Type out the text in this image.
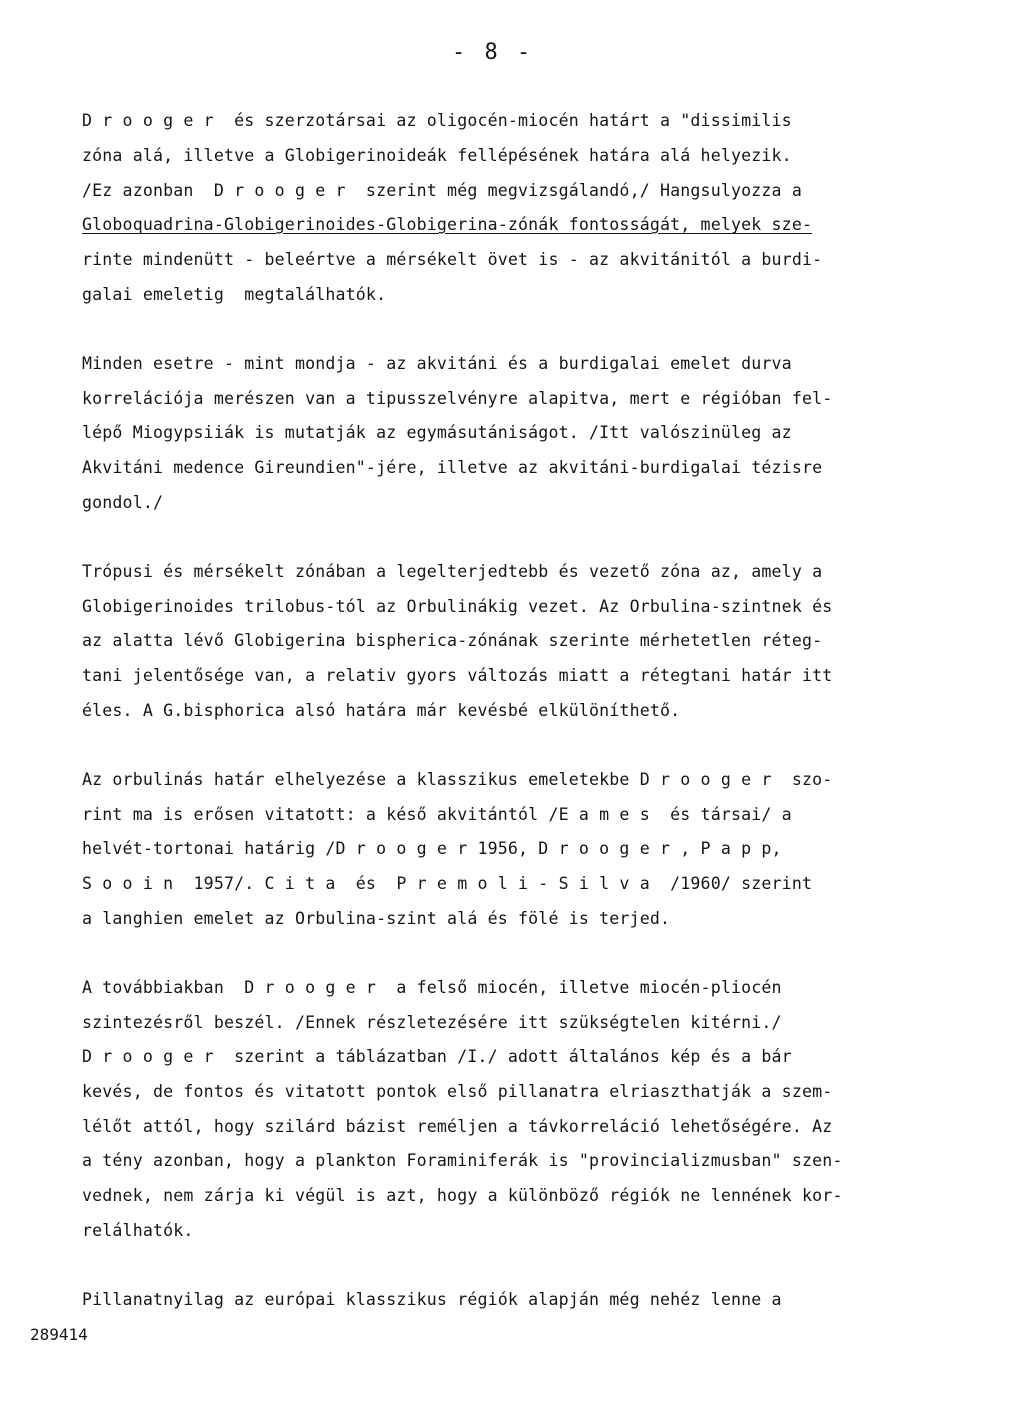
- 8 -
D r o o g e r  és szerzotársai az oligocén-miocén határt a "dissimilis
zóna alá, illetve a Globigerinoideák fellépésének határa alá helyezik.
/Ez azonban  D r o o g e r  szerint még megvizsgálandó,/ Hangsulyozza a
Globoquadrina-Globigerinoides-Globigerina-zónák fontosságát, melyek sze-
rinte mindenütt - beleértve a mérsékelt övet is - az akvitánitól a burdi-
galai emeletig  megtalálhatók.
Minden esetre - mint mondja - az akvitáni és a burdigalai emelet durva
korrelációja merészen van a tipusszelvényre alapitva, mert e régióban fel-
lépő Miogypsiiák is mutatják az egymásutániságot. /Itt valószinüleg az
Akvitáni medence Gireundien"-jére, illetve az akvitáni-burdigalai tézisre
gondol./
Trópusi és mérsékelt zónában a legelterjedtebb és vezető zóna az, amely a
Globigerinoides trilobus-tól az Orbulinákig vezet. Az Orbulina-szintnek és
az alatta lévő Globigerina bisphericа-zónának szerinte mérhetetlen réteg-
tani jelentősége van, a relativ gyors változás miatt a rétegtani határ itt
éles. A G.bisphorica alsó határa már kevésbé elkülöníthető.
Az orbulinás határ elhelyezése a klasszikus emeletekbe D r o o g e r  szo-
rint ma is erősen vitatott: a késő akvitántól /E a m e s  és társai/ a
helvét-tortonai határig /D r o o g e r 1956, D r o o g e r , P a p p,
S o o i n  1957/. C i t a  és  P r e m o l i - S i l v a  /1960/ szerint
a langhien emelet az Orbulina-szint alá és fölé is terjed.
A továbbiakban  D r o o g e r  a felső miocén, illetve miocén-pliocén
szintezésről beszél. /Ennek részletezésére itt szükségtelen kitérni./
D r o o g e r  szerint a táblázatban /I./ adott általános kép és a bár
kevés, de fontos és vitatott pontok első pillanatra elriaszthatják a szem-
lélőt attól, hogy szilárd bázist reméljen a távkorreláció lehetőségére. Az
a tény azonban, hogy a plankton Foraminiferák is "provincializmusban" szen-
vednek, nem zárja ki végül is azt, hogy a különböző régiók ne lennének kor-
relálhatók.
Pillanatnyilag az európai klasszikus régiók alapján még nehéz lenne a
289414
